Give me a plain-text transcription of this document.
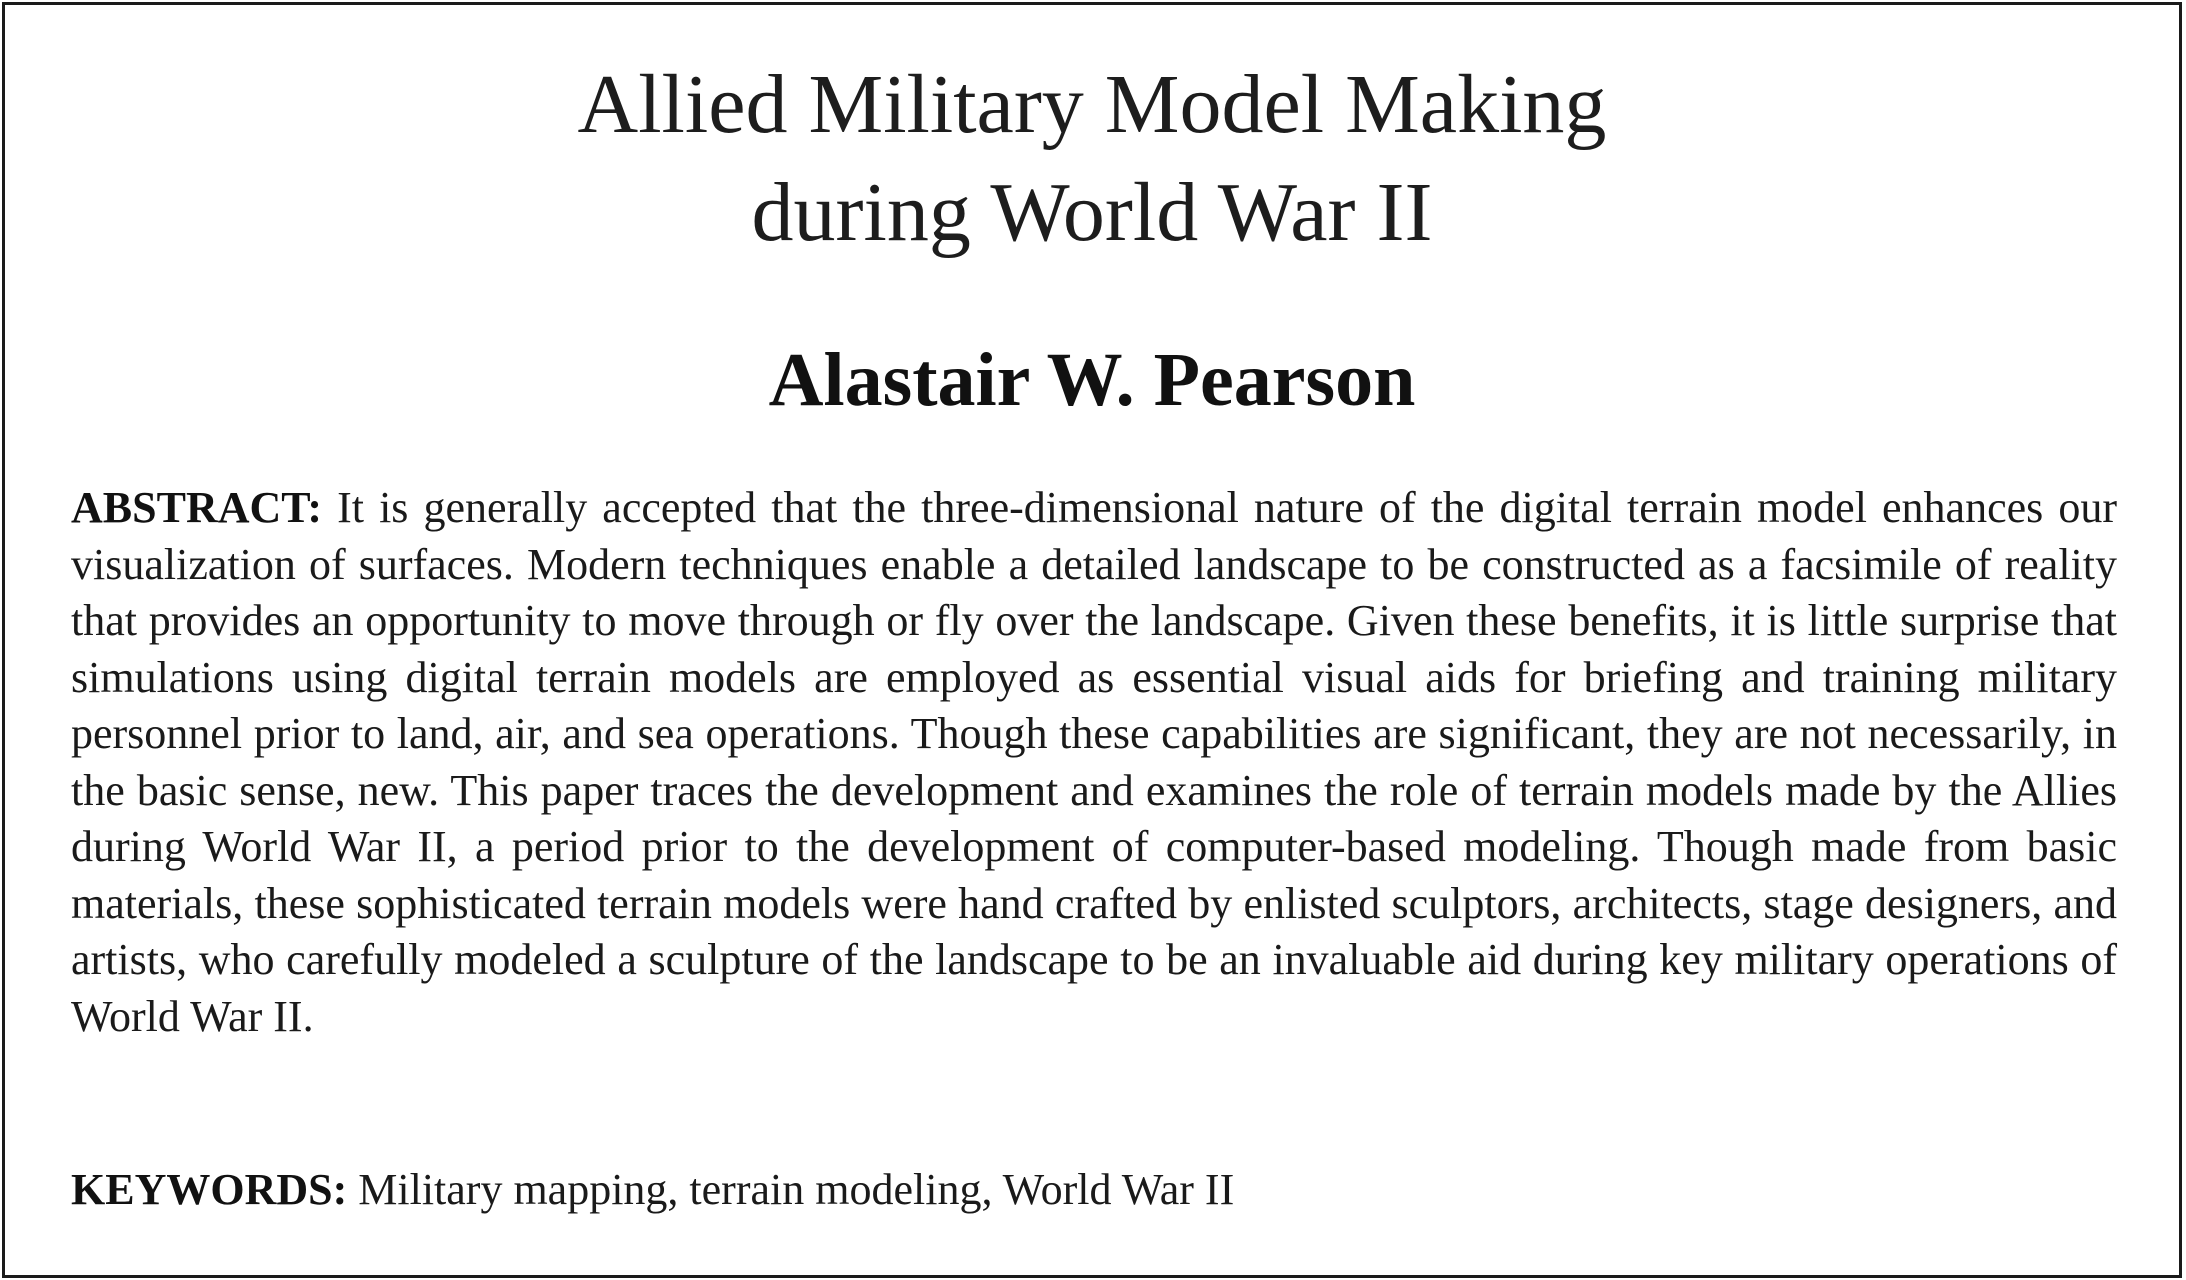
Allied Military Model Making
during World War II
Alastair W. Pearson

ABSTRACT: It is generally accepted that the three-dimensional nature of the digital terrain model enhances our visualization of surfaces. Modern techniques enable a detailed landscape to be constructed as a facsimile of reality that provides an opportunity to move through or fly over the landscape. Given these benefits, it is little surprise that simulations using digital terrain models are employed as essential visual aids for briefing and training military personnel prior to land, air, and sea operations. Though these capabilities are significant, they are not necessarily, in the basic sense, new. This paper traces the development and examines the role of terrain models made by the Allies during World War II, a period prior to the development of computer-based modeling. Though made from basic materials, these sophisticated terrain models were hand crafted by enlisted sculptors, architects, stage designers, and artists, who carefully modeled a sculpture of the landscape to be an invaluable aid during key military operations of World War II.

KEYWORDS: Military mapping, terrain modeling, World War II
